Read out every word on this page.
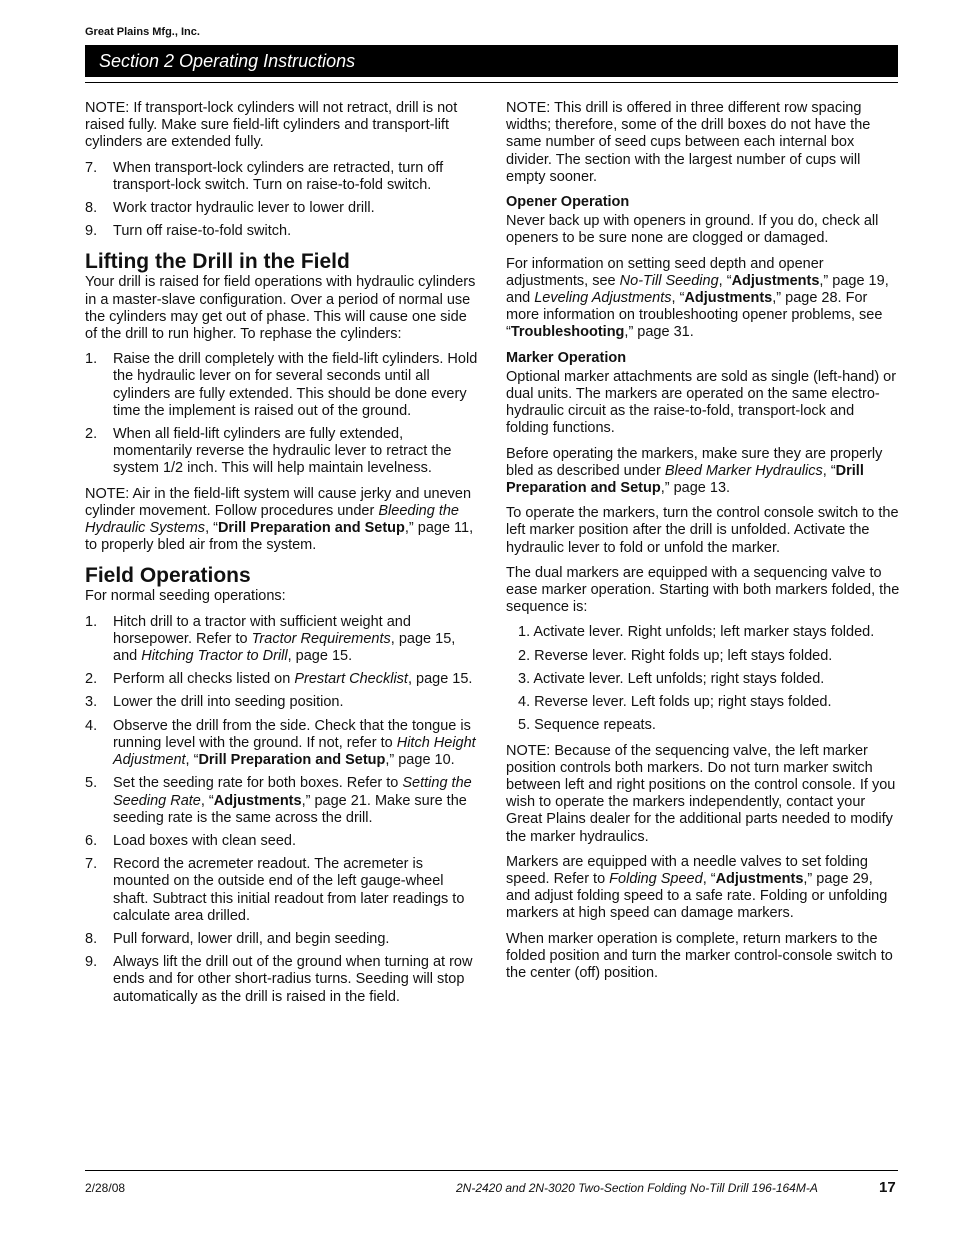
Great Plains Mfg., Inc.
Section 2 Operating Instructions

NOTE: If transport-lock cylinders will not retract, drill is not raised fully. Make sure field-lift cylinders and transport-lift cylinders are extended fully.

7. When transport-lock cylinders are retracted, turn off transport-lock switch. Turn on raise-to-fold switch.
8. Work tractor hydraulic lever to lower drill.
9. Turn off raise-to-fold switch.
Lifting the Drill in the Field

Your drill is raised for field operations with hydraulic cylinders in a master-slave configuration. Over a period of normal use the cylinders may get out of phase. This will cause one side of the drill to run higher. To rephase the cylinders:

1. Raise the drill completely with the field-lift cylinders. Hold the hydraulic lever on for several seconds until all cylinders are fully extended. This should be done every time the implement is raised out of the ground.
2. When all field-lift cylinders are fully extended, momentarily reverse the hydraulic lever to retract the system 1/2 inch. This will help maintain levelness.

NOTE: Air in the field-lift system will cause jerky and uneven cylinder movement. Follow procedures under Bleeding the Hydraulic Systems, “Drill Preparation and Setup,” page 11, to properly bled air from the system.

Field Operations

For normal seeding operations:

1. Hitch drill to a tractor with sufficient weight and horsepower. Refer to Tractor Requirements, page 15, and Hitching Tractor to Drill, page 15.
2. Perform all checks listed on Prestart Checklist, page 15.
3. Lower the drill into seeding position.
4. Observe the drill from the side. Check that the tongue is running level with the ground. If not, refer to Hitch Height Adjustment, “Drill Preparation and Setup,” page 10.
5. Set the seeding rate for both boxes. Refer to Setting the Seeding Rate, “Adjustments,” page 21. Make sure the seeding rate is the same across the drill.
6. Load boxes with clean seed.
7. Record the acremeter readout. The acremeter is mounted on the outside end of the left gauge-wheel shaft. Subtract this initial readout from later readings to calculate area drilled.
8. Pull forward, lower drill, and begin seeding.
9. Always lift the drill out of the ground when turning at row ends and for other short-radius turns. Seeding will stop automatically as the drill is raised in the field.

NOTE: This drill is offered in three different row spacing widths; therefore, some of the drill boxes do not have the same number of seed cups between each internal box divider. The section with the largest number of cups will empty sooner.

Opener Operation

Never back up with openers in ground. If you do, check all openers to be sure none are clogged or damaged.

For information on setting seed depth and opener adjustments, see No-Till Seeding, “Adjustments,” page 19, and Leveling Adjustments, “Adjustments,” page 28. For more information on troubleshooting opener problems, see “Troubleshooting,” page 31.

Marker Operation

Optional marker attachments are sold as single (left-hand) or dual units. The markers are operated on the same electro-hydraulic circuit as the raise-to-fold, transport-lock and folding functions.

Before operating the markers, make sure they are properly bled as described under Bleed Marker Hydraulics, “Drill Preparation and Setup,” page 13.

To operate the markers, turn the control console switch to the left marker position after the drill is unfolded. Activate the hydraulic lever to fold or unfold the marker.

The dual markers are equipped with a sequencing valve to ease marker operation. Starting with both markers folded, the sequence is:

1. Activate lever. Right unfolds; left marker stays folded.
2. Reverse lever. Right folds up; left stays folded.
3. Activate lever. Left unfolds; right stays folded.
4. Reverse lever. Left folds up; right stays folded.
5. Sequence repeats.

NOTE: Because of the sequencing valve, the left marker position controls both markers. Do not turn marker switch between left and right positions on the control console. If you wish to operate the markers independently, contact your Great Plains dealer for the additional parts needed to modify the marker hydraulics.

Markers are equipped with a needle valves to set folding speed. Refer to Folding Speed, “Adjustments,” page 29, and adjust folding speed to a safe rate. Folding or unfolding markers at high speed can damage markers.

When marker operation is complete, return markers to the folded position and turn the marker control-console switch to the center (off) position.

2/28/08	2N-2420 and 2N-3020 Two-Section Folding No-Till Drill 196-164M-A	17
